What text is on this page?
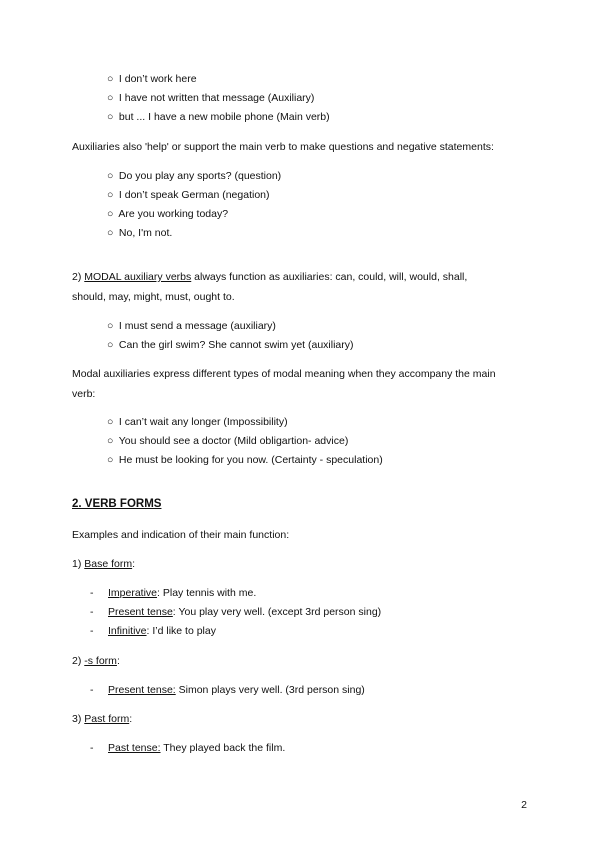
○ I don’t work here
○ I have not written that message (Auxiliary)
○ but ... I have a new mobile phone (Main verb)
Auxiliaries also 'help' or support the main verb to make questions and negative statements:
○ Do you play any sports? (question)
○ I don’t speak German (negation)
○ Are you working today?
○ No, I'm not.
2) MODAL auxiliary verbs always function as auxiliaries: can, could, will, would, shall,
should, may, might, must, ought to.
○ I must send a message (auxiliary)
○ Can the girl swim? She cannot swim yet (auxiliary)
Modal auxiliaries express different types of modal meaning when they accompany the main
verb:
○ I can’t wait any longer (Impossibility)
○ You should see a doctor (Mild obligartion- advice)
○ He must be looking for you now. (Certainty - speculation)
2. VERB FORMS
Examples and indication of their main function:
1) Base form:
- Imperative: Play tennis with me.
- Present tense: You play very well. (except 3rd person sing)
- Infinitive: I’d like to play
2) -s form:
- Present tense: Simon plays very well. (3rd person sing)
3) Past form:
- Past tense: They played back the film.
2
